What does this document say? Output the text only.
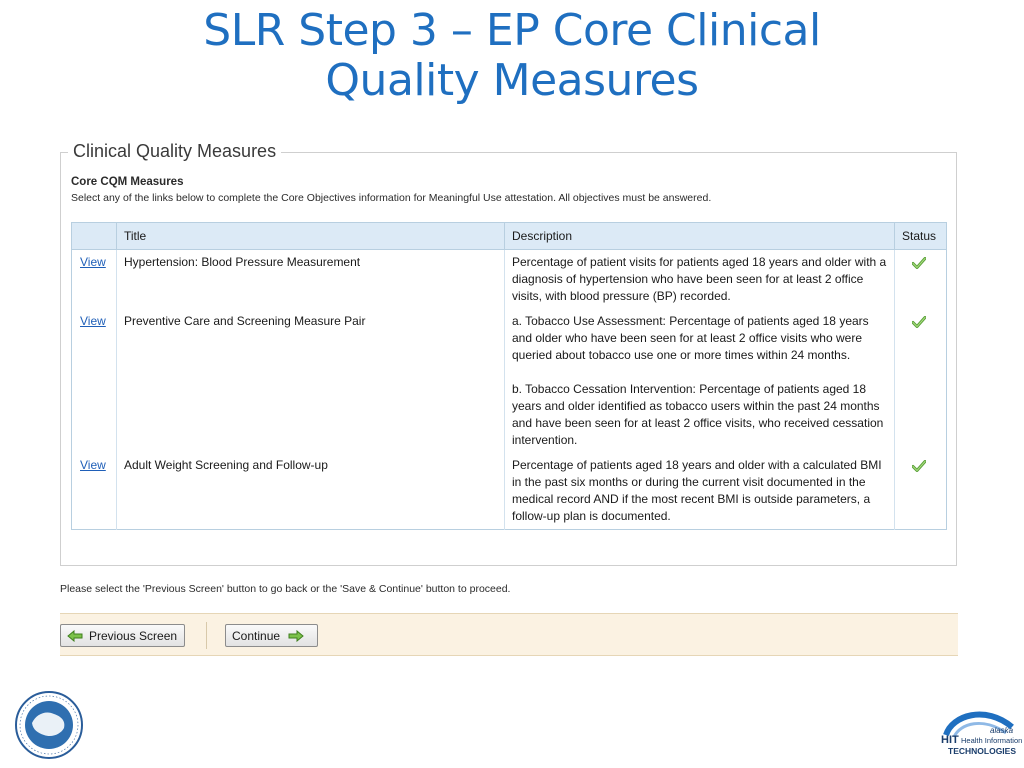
SLR Step 3 – EP Core Clinical
Quality Measures
Clinical Quality Measures
Core CQM Measures
Select any of the links below to complete the Core Objectives information for Meaningful Use attestation. All objectives must be answered.
	Title	Description	Status
View	Hypertension: Blood Pressure Measurement	Percentage of patient visits for patients aged 18 years and older with a diagnosis of hypertension who have been seen for at least 2 office visits, with blood pressure (BP) recorded.

View	Preventive Care and Screening Measure Pair	a. Tobacco Use Assessment: Percentage of patients aged 18 years and older who have been seen for at least 2 office visits who were queried about tobacco use one or more times within 24 months.
b. Tobacco Cessation Intervention: Percentage of patients aged 18 years and older identified as tobacco users within the past 24 months and have been seen for at least 2 office visits, who received cessation intervention.

View	Adult Weight Screening and Follow-up	Percentage of patients aged 18 years and older with a calculated BMI in the past six months or during the current visit documented in the medical record AND if the most recent BMI is outside parameters, a follow-up plan is documented.

Please select the 'Previous Screen' button to go back or the 'Save & Continue' button to proceed.
Previous Screen	Continue
alaska
HIT Health Information
TECHNOLOGIES
